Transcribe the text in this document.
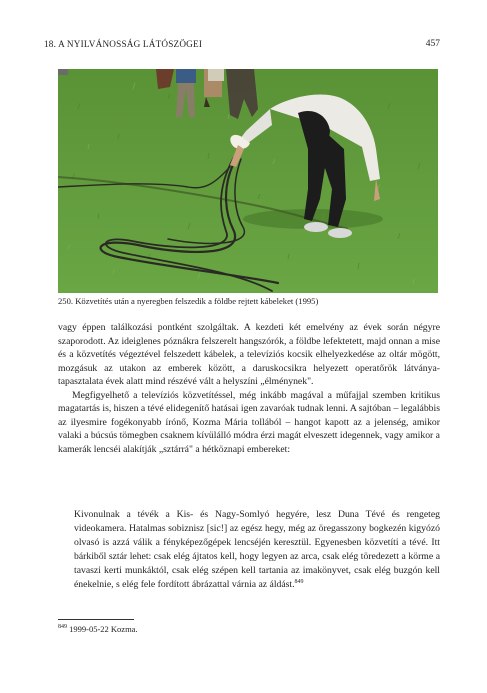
18. A NYILVÁNOSSÁG LÁTÓSZÖGEI	457
250. Közvetítés után a nyeregben felszedik a földbe rejtett kábeleket (1995)

vagy éppen találkozási pontként szolgáltak. A kezdeti két emelvény az évek során négyre szaporodott. Az ideiglenes póznákra felszerelt hangszórók, a földbe lefektetett, majd onnan a mise és a közvetítés végeztével felszedett kábelek, a televíziós kocsik elhelyezkedése az oltár mögött, mozgásuk az utakon az emberek között, a daruskocsikra helyezett operatőrök látványa-tapasztalata évek alatt mind részévé vált a helyszíni „élménynek".

Megfigyelhető a televíziós közvetítéssel, még inkább magával a műfajjal szemben kritikus magatartás is, hiszen a tévé elidegenítő hatásai igen zavaróak tudnak lenni. A sajtóban – legalábbis az ilyesmire fogékonyabb írónő, Kozma Mária tollából – hangot kapott az a jelenség, amikor valaki a búcsús tömegben csaknem kívülálló módra érzi magát elveszett idegennek, vagy amikor a kamerák lencséi alakítják „sztárrá" a hétköznapi embereket:

Kivonulnak a tévék a Kis- és Nagy-Somlyó hegyére, lesz Duna Tévé és rengeteg videokamera. Hatalmas sobiznisz [sic!] az egész hegy, még az öregasszony bogkezén kigyózó olvasó is azzá válik a fényképezőgépek lencséjén keresztül. Egyenesben közvetíti a tévé. Itt bárkiből sztár lehet: csak elég ájtatos kell, hogy legyen az arca, csak elég töredezett a körme a tavaszi kerti munkáktól, csak elég szépen kell tartania az imakönyvet, csak elég buzgón kell énekelnie, s elég fele fordított ábrázattal várnia az áldást.$^{849}$

$^{849}$ 1999-05-22 Kozma.
